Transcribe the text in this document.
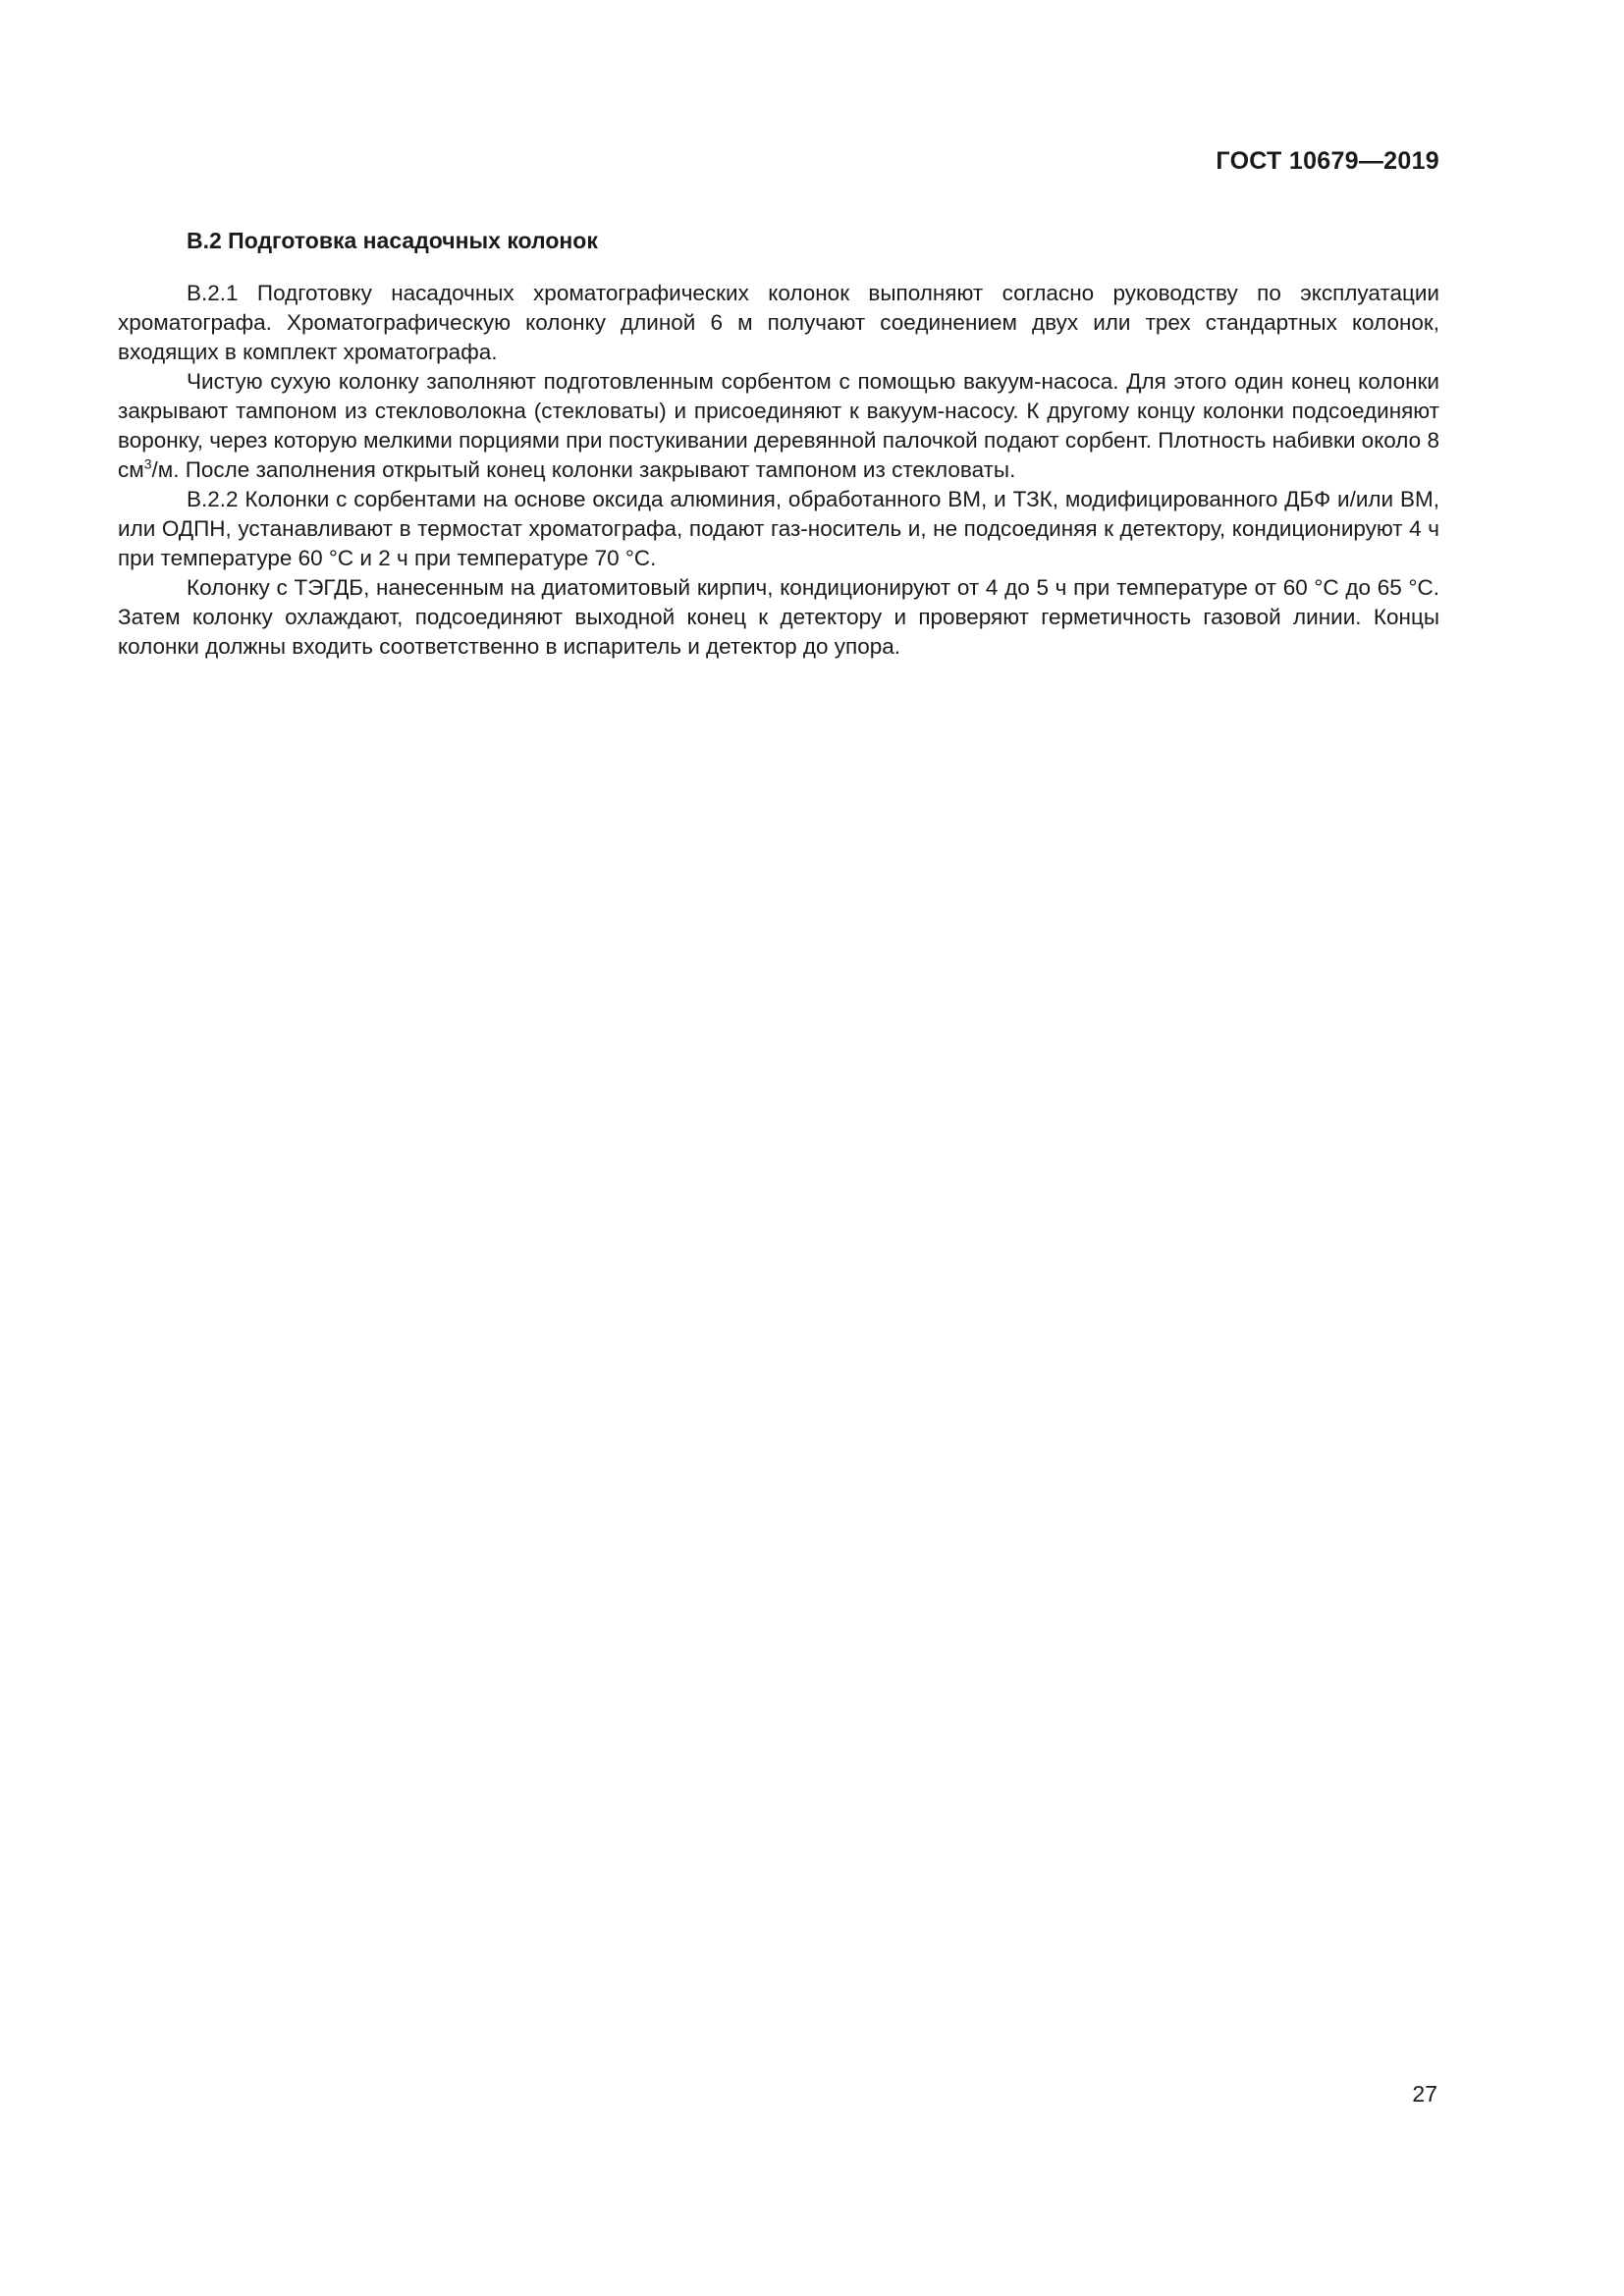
ГОСТ 10679—2019
В.2 Подготовка насадочных колонок

В.2.1 Подготовку насадочных хроматографических колонок выполняют согласно руководству по эксплуатации хроматографа. Хроматографическую колонку длиной 6 м получают соединением двух или трех стандартных колонок, входящих в комплект хроматографа.

Чистую сухую колонку заполняют подготовленным сорбентом с помощью вакуум-насоса. Для этого один конец колонки закрывают тампоном из стекловолокна (стекловаты) и присоединяют к вакуум-насосу. К другому концу колонки подсоединяют воронку, через которую мелкими порциями при постукивании деревянной палочкой подают сорбент. Плотность набивки около 8 $см^3/м$. После заполнения открытый конец колонки закрывают тампоном из стекловаты.

В.2.2 Колонки с сорбентами на основе оксида алюминия, обработанного ВМ, и ТЗК, модифицированного ДБФ и/или ВМ, или ОДПН, устанавливают в термостат хроматографа, подают газ-носитель и, не подсоединяя к детектору, кондиционируют 4 ч при температуре 60 °С и 2 ч при температуре 70 °С.

Колонку с ТЭГДБ, нанесенным на диатомитовый кирпич, кондиционируют от 4 до 5 ч при температуре от 60 °С до 65 °С. Затем колонку охлаждают, подсоединяют выходной конец к детектору и проверяют герметичность газовой линии. Концы колонки должны входить соответственно в испаритель и детектор до упора.

27
